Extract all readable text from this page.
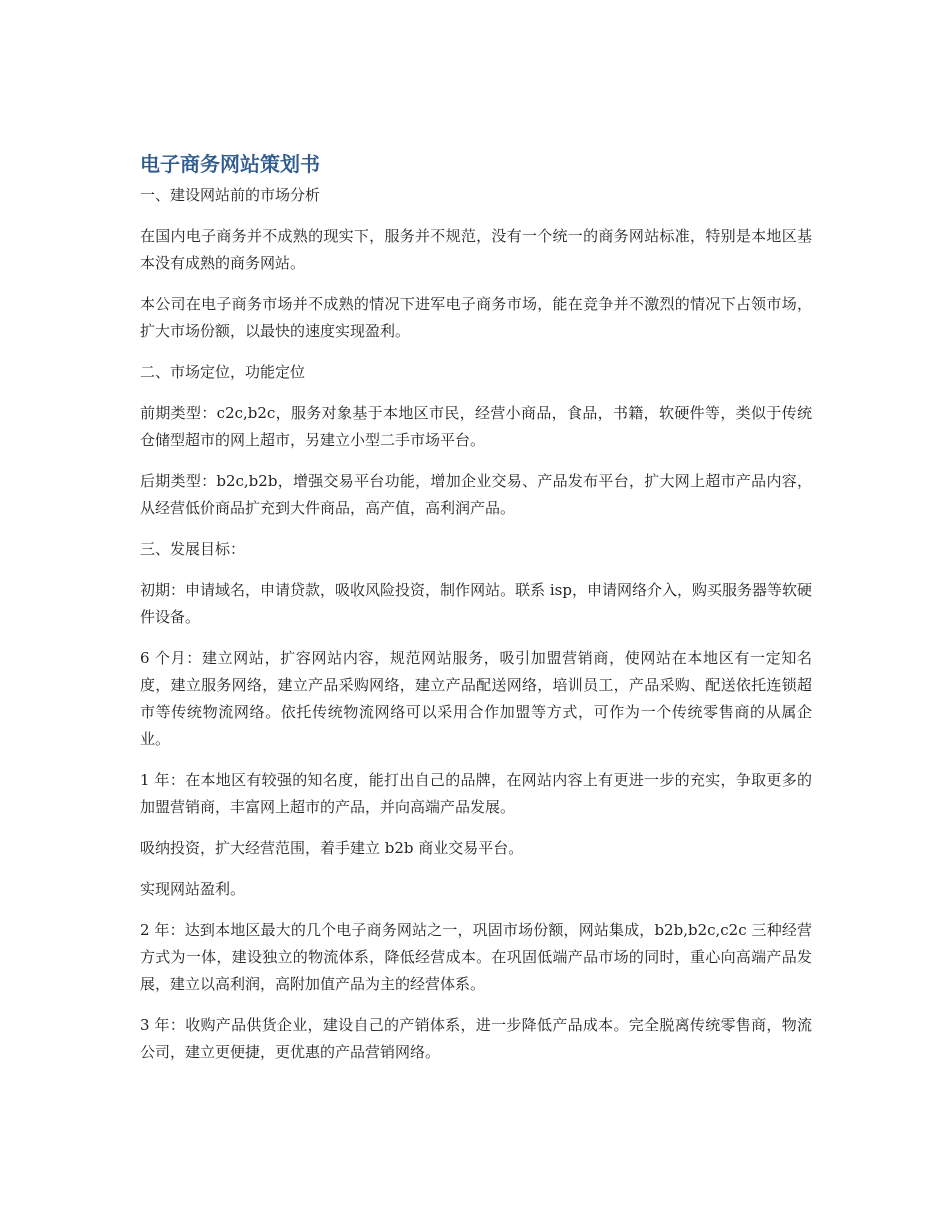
电子商务网站策划书
一、建设网站前的市场分析
在国内电子商务并不成熟的现实下，服务并不规范，没有一个统一的商务网站标准，特别是本地区基本没有成熟的商务网站。
本公司在电子商务市场并不成熟的情况下进军电子商务市场，能在竞争并不激烈的情况下占领市场，扩大市场份额，以最快的速度实现盈利。
二、市场定位，功能定位
前期类型：c2c,b2c，服务对象基于本地区市民，经营小商品，食品，书籍，软硬件等，类似于传统仓储型超市的网上超市，另建立小型二手市场平台。
后期类型：b2c,b2b，增强交易平台功能，增加企业交易、产品发布平台，扩大网上超市产品内容，从经营低价商品扩充到大件商品，高产值，高利润产品。
三、发展目标：
初期：申请域名，申请贷款，吸收风险投资，制作网站。联系 isp，申请网络介入，购买服务器等软硬件设备。
6 个月：建立网站，扩容网站内容，规范网站服务，吸引加盟营销商，使网站在本地区有一定知名度，建立服务网络，建立产品采购网络，建立产品配送网络，培训员工，产品采购、配送依托连锁超市等传统物流网络。依托传统物流网络可以采用合作加盟等方式，可作为一个传统零售商的从属企业。
1 年：在本地区有较强的知名度，能打出自己的品牌，在网站内容上有更进一步的充实，争取更多的加盟营销商，丰富网上超市的产品，并向高端产品发展。
吸纳投资，扩大经营范围，着手建立 b2b 商业交易平台。
实现网站盈利。
2 年：达到本地区最大的几个电子商务网站之一，巩固市场份额，网站集成，b2b,b2c,c2c 三种经营方式为一体，建设独立的物流体系，降低经营成本。在巩固低端产品市场的同时，重心向高端产品发展，建立以高利润，高附加值产品为主的经营体系。
3 年：收购产品供货企业，建设自己的产销体系，进一步降低产品成本。完全脱离传统零售商，物流公司，建立更便捷，更优惠的产品营销网络。
